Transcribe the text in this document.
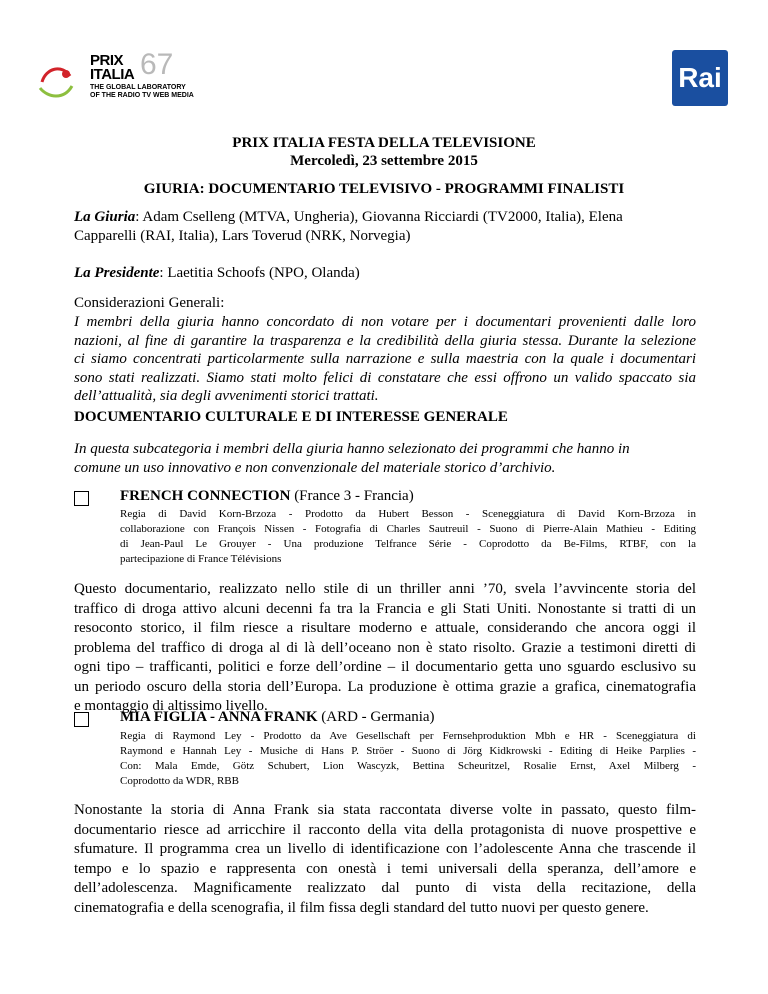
PRIX
ITALIA 67
THE GLOBAL LABORATORY
OF THE RADIO TV WEB MEDIA
Rai
PRIX ITALIA FESTA DELLA TELEVISIONE
Mercoledì, 23 settembre 2015
GIURIA: DOCUMENTARIO TELEVISIVO - PROGRAMMI FINALISTI
La Giuria: Adam Cselleng (MTVA, Ungheria), Giovanna Ricciardi (TV2000, Italia), Elena
Capparelli (RAI, Italia), Lars Toverud (NRK, Norvegia)
La Presidente: Laetitia Schoofs (NPO, Olanda)
Considerazioni Generali:
I membri della giuria hanno concordato di non votare per i documentari provenienti dalle loro
nazioni, al fine di garantire la trasparenza e la credibilità della giuria stessa. Durante la selezione
ci siamo concentrati particolarmente sulla narrazione e sulla maestria con la quale i documentari
sono stati realizzati. Siamo stati molto felici di constatare che essi offrono un valido spaccato sia
dell’attualità, sia degli avvenimenti storici trattati.
DOCUMENTARIO CULTURALE E DI INTERESSE GENERALE
In questa subcategoria i membri della giuria hanno selezionato dei programmi che hanno in
comune un uso innovativo e non convenzionale del materiale storico d’archivio.
FRENCH CONNECTION (France 3 - Francia)
Regia di David Korn-Brzoza - Prodotto da Hubert Besson - Sceneggiatura di David Korn-Brzoza in
collaborazione con François Nissen - Fotografia di Charles Sautreuil - Suono di Pierre-Alain Mathieu - Editing
di Jean-Paul Le Grouyer - Una produzione Telfrance Série - Coprodotto da Be-Films, RTBF, con la
partecipazione di France Télévisions
Questo documentario, realizzato nello stile di un thriller anni ’70, svela l’avvincente storia del
traffico di droga attivo alcuni decenni fa tra la Francia e gli Stati Uniti. Nonostante si tratti di un
resoconto storico, il film riesce a risultare moderno e attuale, considerando che ancora oggi il
problema del traffico di droga al di là dell’oceano non è stato risolto. Grazie a testimoni diretti di
ogni tipo – trafficanti, politici e forze dell’ordine – il documentario getta uno sguardo esclusivo su
un periodo oscuro della storia dell’Europa. La produzione è ottima grazie a grafica, cinematografia
e montaggio di altissimo livello.
MIA FIGLIA - ANNA FRANK (ARD - Germania)
Regia di Raymond Ley - Prodotto da Ave Gesellschaft per Fernsehproduktion Mbh e HR - Sceneggiatura di
Raymond e Hannah Ley - Musiche di Hans P. Ströer - Suono di Jörg Kidkrowski - Editing di Heike Parplies -
Con: Mala Emde, Götz Schubert, Lion Wascyzk, Bettina Scheuritzel, Rosalie Ernst, Axel Milberg -
Coprodotto da WDR, RBB
Nonostante la storia di Anna Frank sia stata raccontata diverse volte in passato, questo film-
documentario riesce ad arricchire il racconto della vita della protagonista di nuove prospettive e
sfumature. Il programma crea un livello di identificazione con l’adolescente Anna che trascende il
tempo e lo spazio e rappresenta con onestà i temi universali della speranza, dell’amore e
dell’adolescenza. Magnificamente realizzato dal punto di vista della recitazione, della
cinematografia e della scenografia, il film fissa degli standard del tutto nuovi per questo genere.
